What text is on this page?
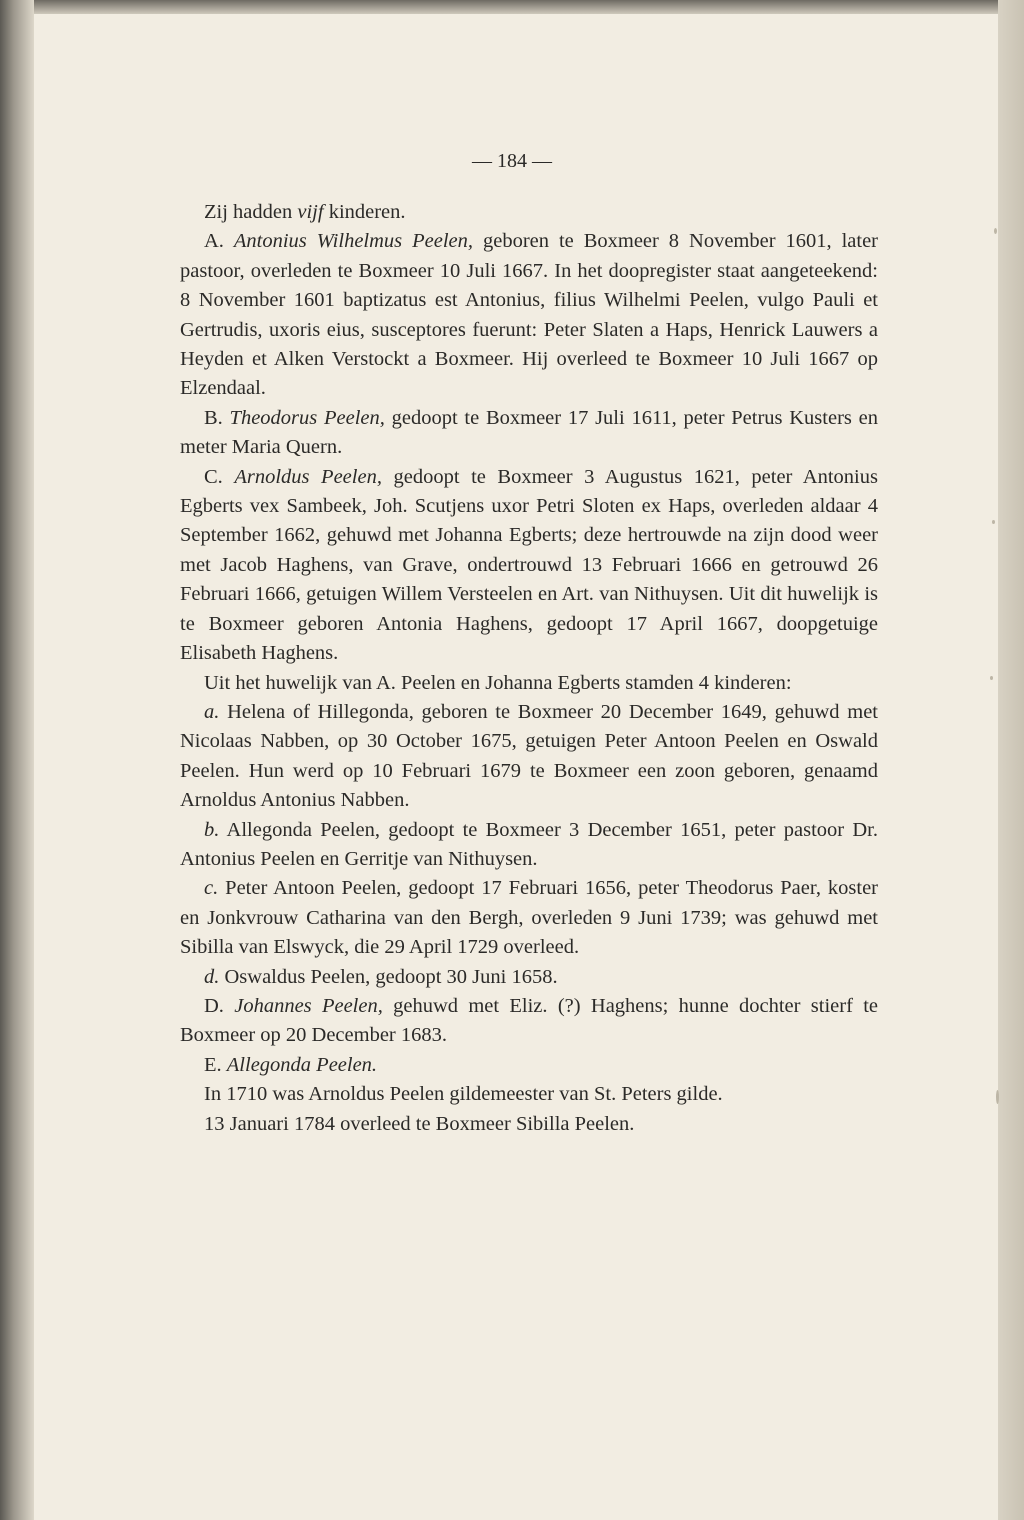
— 184 —

Zij hadden vijf kinderen.

A. Antonius Wilhelmus Peelen, geboren te Boxmeer 8 November 1601, later pastoor, overleden te Boxmeer 10 Juli 1667. In het doopregister staat aangeteekend: 8 November 1601 baptizatus est Antonius, filius Wilhelmi Peelen, vulgo Pauli et Gertrudis, uxoris eius, susceptores fuerunt: Peter Slaten a Haps, Henrick Lauwers a Heyden et Alken Verstockt a Boxmeer. Hij overleed te Boxmeer 10 Juli 1667 op Elzendaal.

B. Theodorus Peelen, gedoopt te Boxmeer 17 Juli 1611, peter Petrus Kusters en meter Maria Quern.

C. Arnoldus Peelen, gedoopt te Boxmeer 3 Augustus 1621, peter Antonius Egberts vex Sambeek, Joh. Scutjens uxor Petri Sloten ex Haps, overleden aldaar 4 September 1662, gehuwd met Johanna Egberts; deze hertrouwde na zijn dood weer met Jacob Haghens, van Grave, ondertrouwd 13 Februari 1666 en getrouwd 26 Februari 1666, getuigen Willem Versteelen en Art. van Nithuysen. Uit dit huwelijk is te Boxmeer geboren Antonia Haghens, gedoopt 17 April 1667, doopgetuige Elisabeth Haghens.

Uit het huwelijk van A. Peelen en Johanna Egberts stamden 4 kinderen:

a. Helena of Hillegonda, geboren te Boxmeer 20 December 1649, gehuwd met Nicolaas Nabben, op 30 October 1675, getuigen Peter Antoon Peelen en Oswald Peelen. Hun werd op 10 Februari 1679 te Boxmeer een zoon geboren, genaamd Arnoldus Antonius Nabben.

b. Allegonda Peelen, gedoopt te Boxmeer 3 December 1651, peter pastoor Dr. Antonius Peelen en Gerritje van Nithuysen.

c. Peter Antoon Peelen, gedoopt 17 Februari 1656, peter Theodorus Paer, koster en Jonkvrouw Catharina van den Bergh, overleden 9 Juni 1739; was gehuwd met Sibilla van Elswyck, die 29 April 1729 overleed.

d. Oswaldus Peelen, gedoopt 30 Juni 1658.

D. Johannes Peelen, gehuwd met Eliz. (?) Haghens; hunne dochter stierf te Boxmeer op 20 December 1683.

E. Allegonda Peelen.

In 1710 was Arnoldus Peelen gildemeester van St. Peters gilde.

13 Januari 1784 overleed te Boxmeer Sibilla Peelen.
